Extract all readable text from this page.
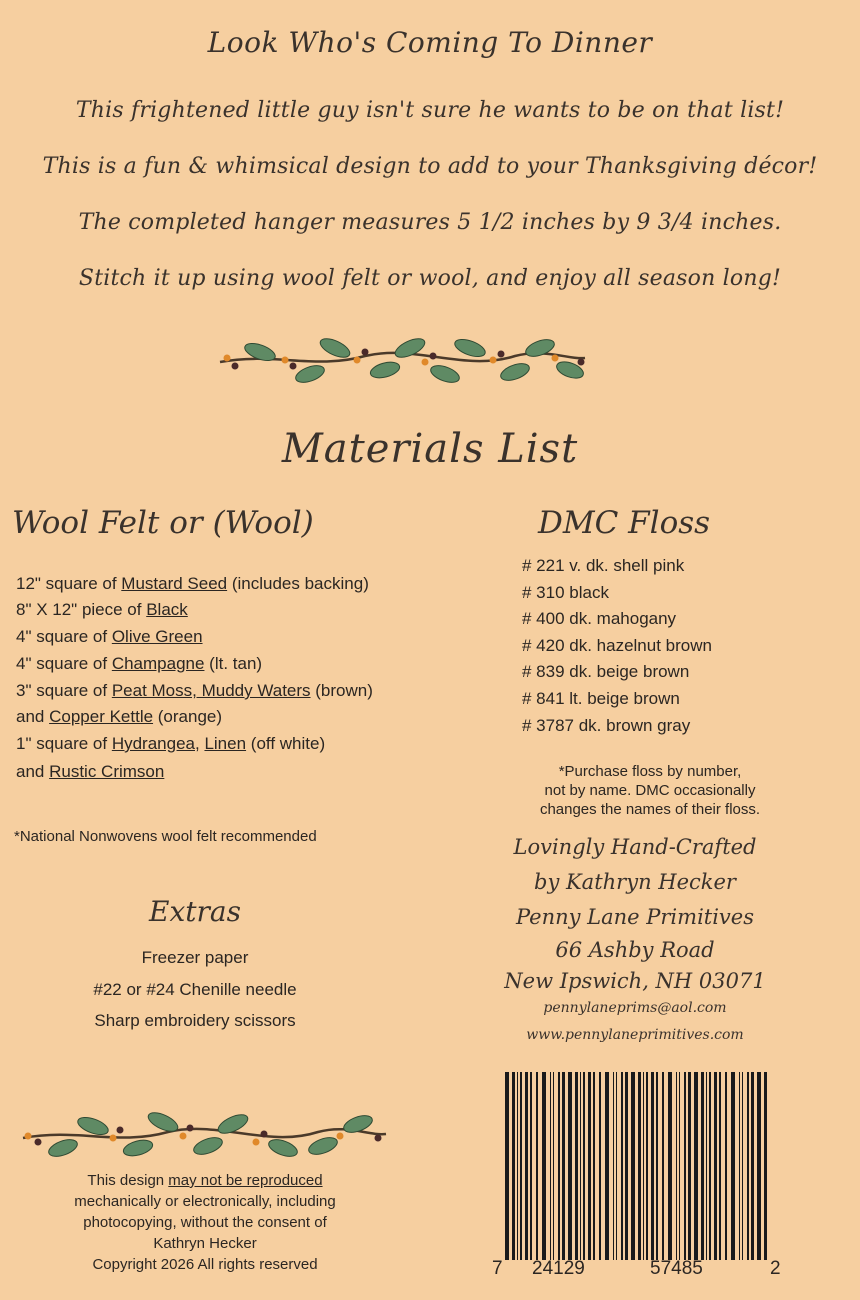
Look Who's Coming To Dinner
This frightened little guy isn't sure he wants to be on that list!
This is a fun & whimsical design to add to your Thanksgiving décor!
The completed hanger measures 5 1/2 inches by 9 3/4 inches.
Stitch it up using wool felt or wool, and enjoy all season long!
Materials List
Wool Felt or (Wool)	DMC Floss
12" square of Mustard Seed (includes backing)
8" X 12" piece of Black
4" square of Olive Green
4" square of Champagne (lt. tan)
3" square of Peat Moss, Muddy Waters (brown)
and Copper Kettle (orange)
1" square of Hydrangea, Linen (off white)
and Rustic Crimson
*National Nonwovens wool felt recommended
# 221 v. dk. shell pink
# 310 black
# 400 dk. mahogany
# 420 dk. hazelnut brown
# 839 dk. beige brown
# 841 lt. beige brown
# 3787 dk. brown gray
*Purchase floss by number,
not by name. DMC occasionally
changes the names of their floss.
Extras
Freezer paper
#22 or #24 Chenille needle
Sharp embroidery scissors
Lovingly Hand-Crafted
by Kathryn Hecker
Penny Lane Primitives
66 Ashby Road
New Ipswich, NH 03071
pennylaneprims@aol.com
www.pennylaneprimitives.com
This design may not be reproduced
mechanically or electronically, including
photocopying, without the consent of
Kathryn Hecker
Copyright 2026 All rights reserved	7 24129	57485	2
